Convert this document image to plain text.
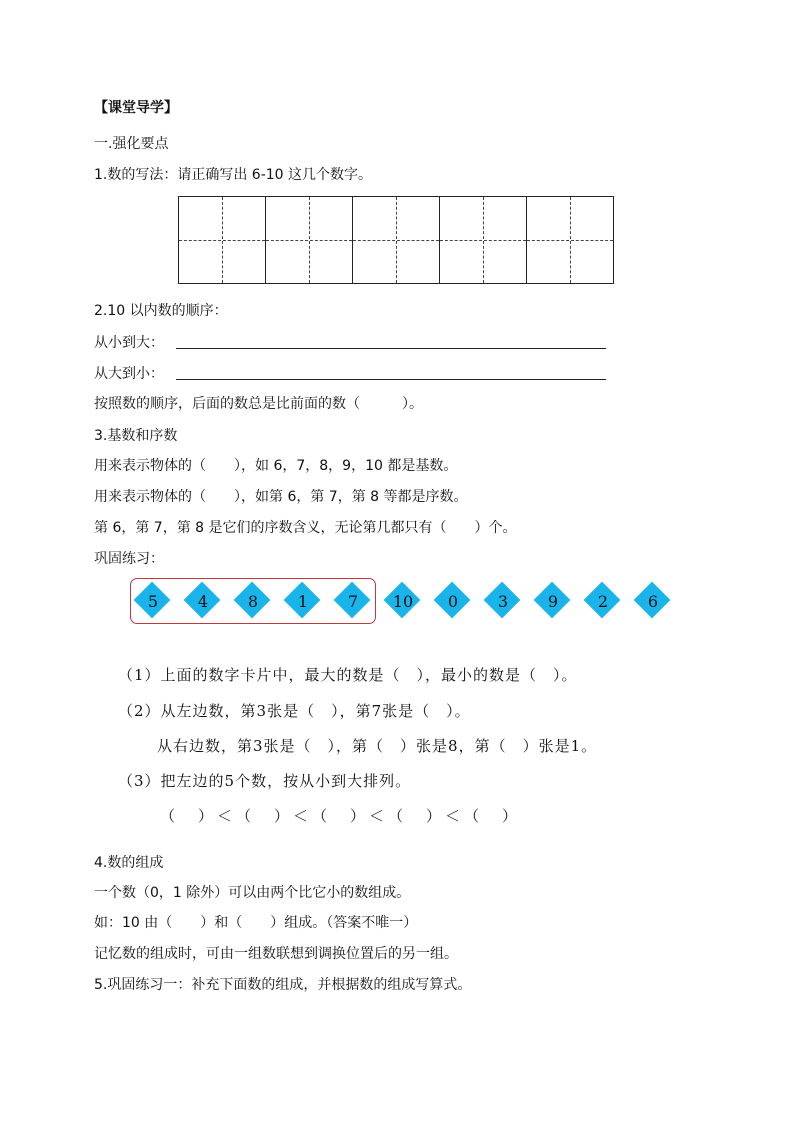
【课堂导学】
一.强化要点
1.数的写法：请正确写出 6-10 这几个数字。
2.10 以内数的顺序：
从小到大：
从大到小：
按照数的顺序，后面的数总是比前面的数（　　　）。
3.基数和序数
用来表示物体的（　　），如 6，7，8，9，10 都是基数。
用来表示物体的（　　），如第 6，第 7，第 8 等都是序数。
第 6，第 7，第 8 是它们的序数含义，无论第几都只有（　　）个。
巩固练习：
5	4	8	1	7	10	0	3	9	2	6
（1）上面的数字卡片中，最大的数是（　），最小的数是（　）。
（2）从左边数，第3张是（　），第7张是（　）。
从右边数，第3张是（　），第（　）张是8，第（　）张是1。
（3）把左边的5个数，按从小到大排列。
（　）＜（　）＜（　）＜（　）＜（　）
4.数的组成
一个数（0，1 除外）可以由两个比它小的数组成。
如：10 由（　　）和（　　）组成。（答案不唯一）
记忆数的组成时，可由一组数联想到调换位置后的另一组。
5.巩固练习一：补充下面数的组成，并根据数的组成写算式。
